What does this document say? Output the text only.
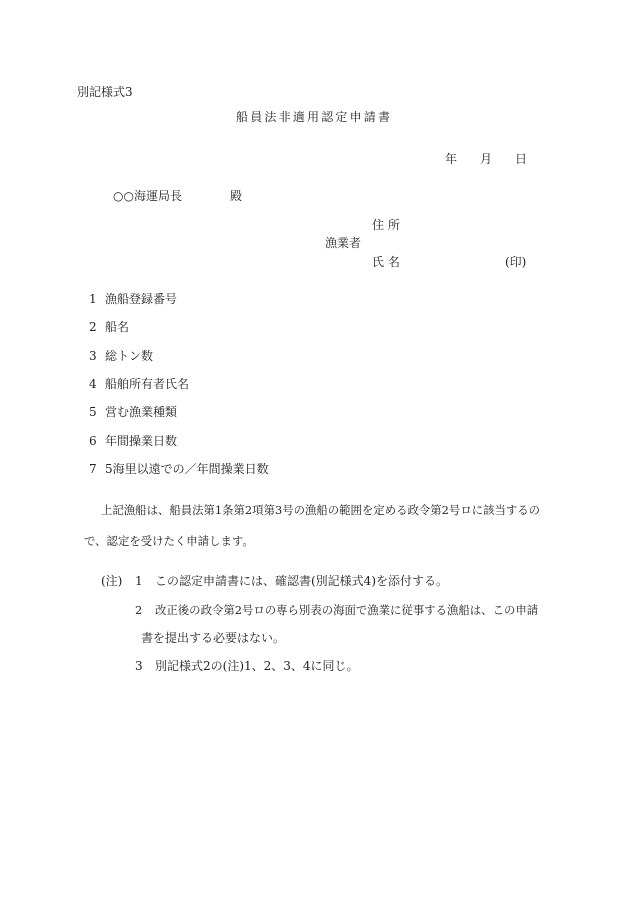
別記様式3
船員法非適用認定申請書
年 月 日
○○海運局長	殿
住 所
漁業者
氏 名	(印)
1 漁船登録番号
2 船名
3 総トン数
4 船舶所有者氏名
5 営む漁業種類
6 年間操業日数
7 5海里以遠での／年間操業日数
上記漁船は、船員法第1条第2項第3号の漁船の範囲を定める政令第2号ロに該当するの
で、認定を受けたく申請します。
(注) 1 この認定申請書には、確認書(別記様式4)を添付する。
2 改正後の政令第2号ロの専ら別表の海面で漁業に従事する漁船は、この申請
書を提出する必要はない。
3 別記様式2の(注)1、2、3、4に同じ。
